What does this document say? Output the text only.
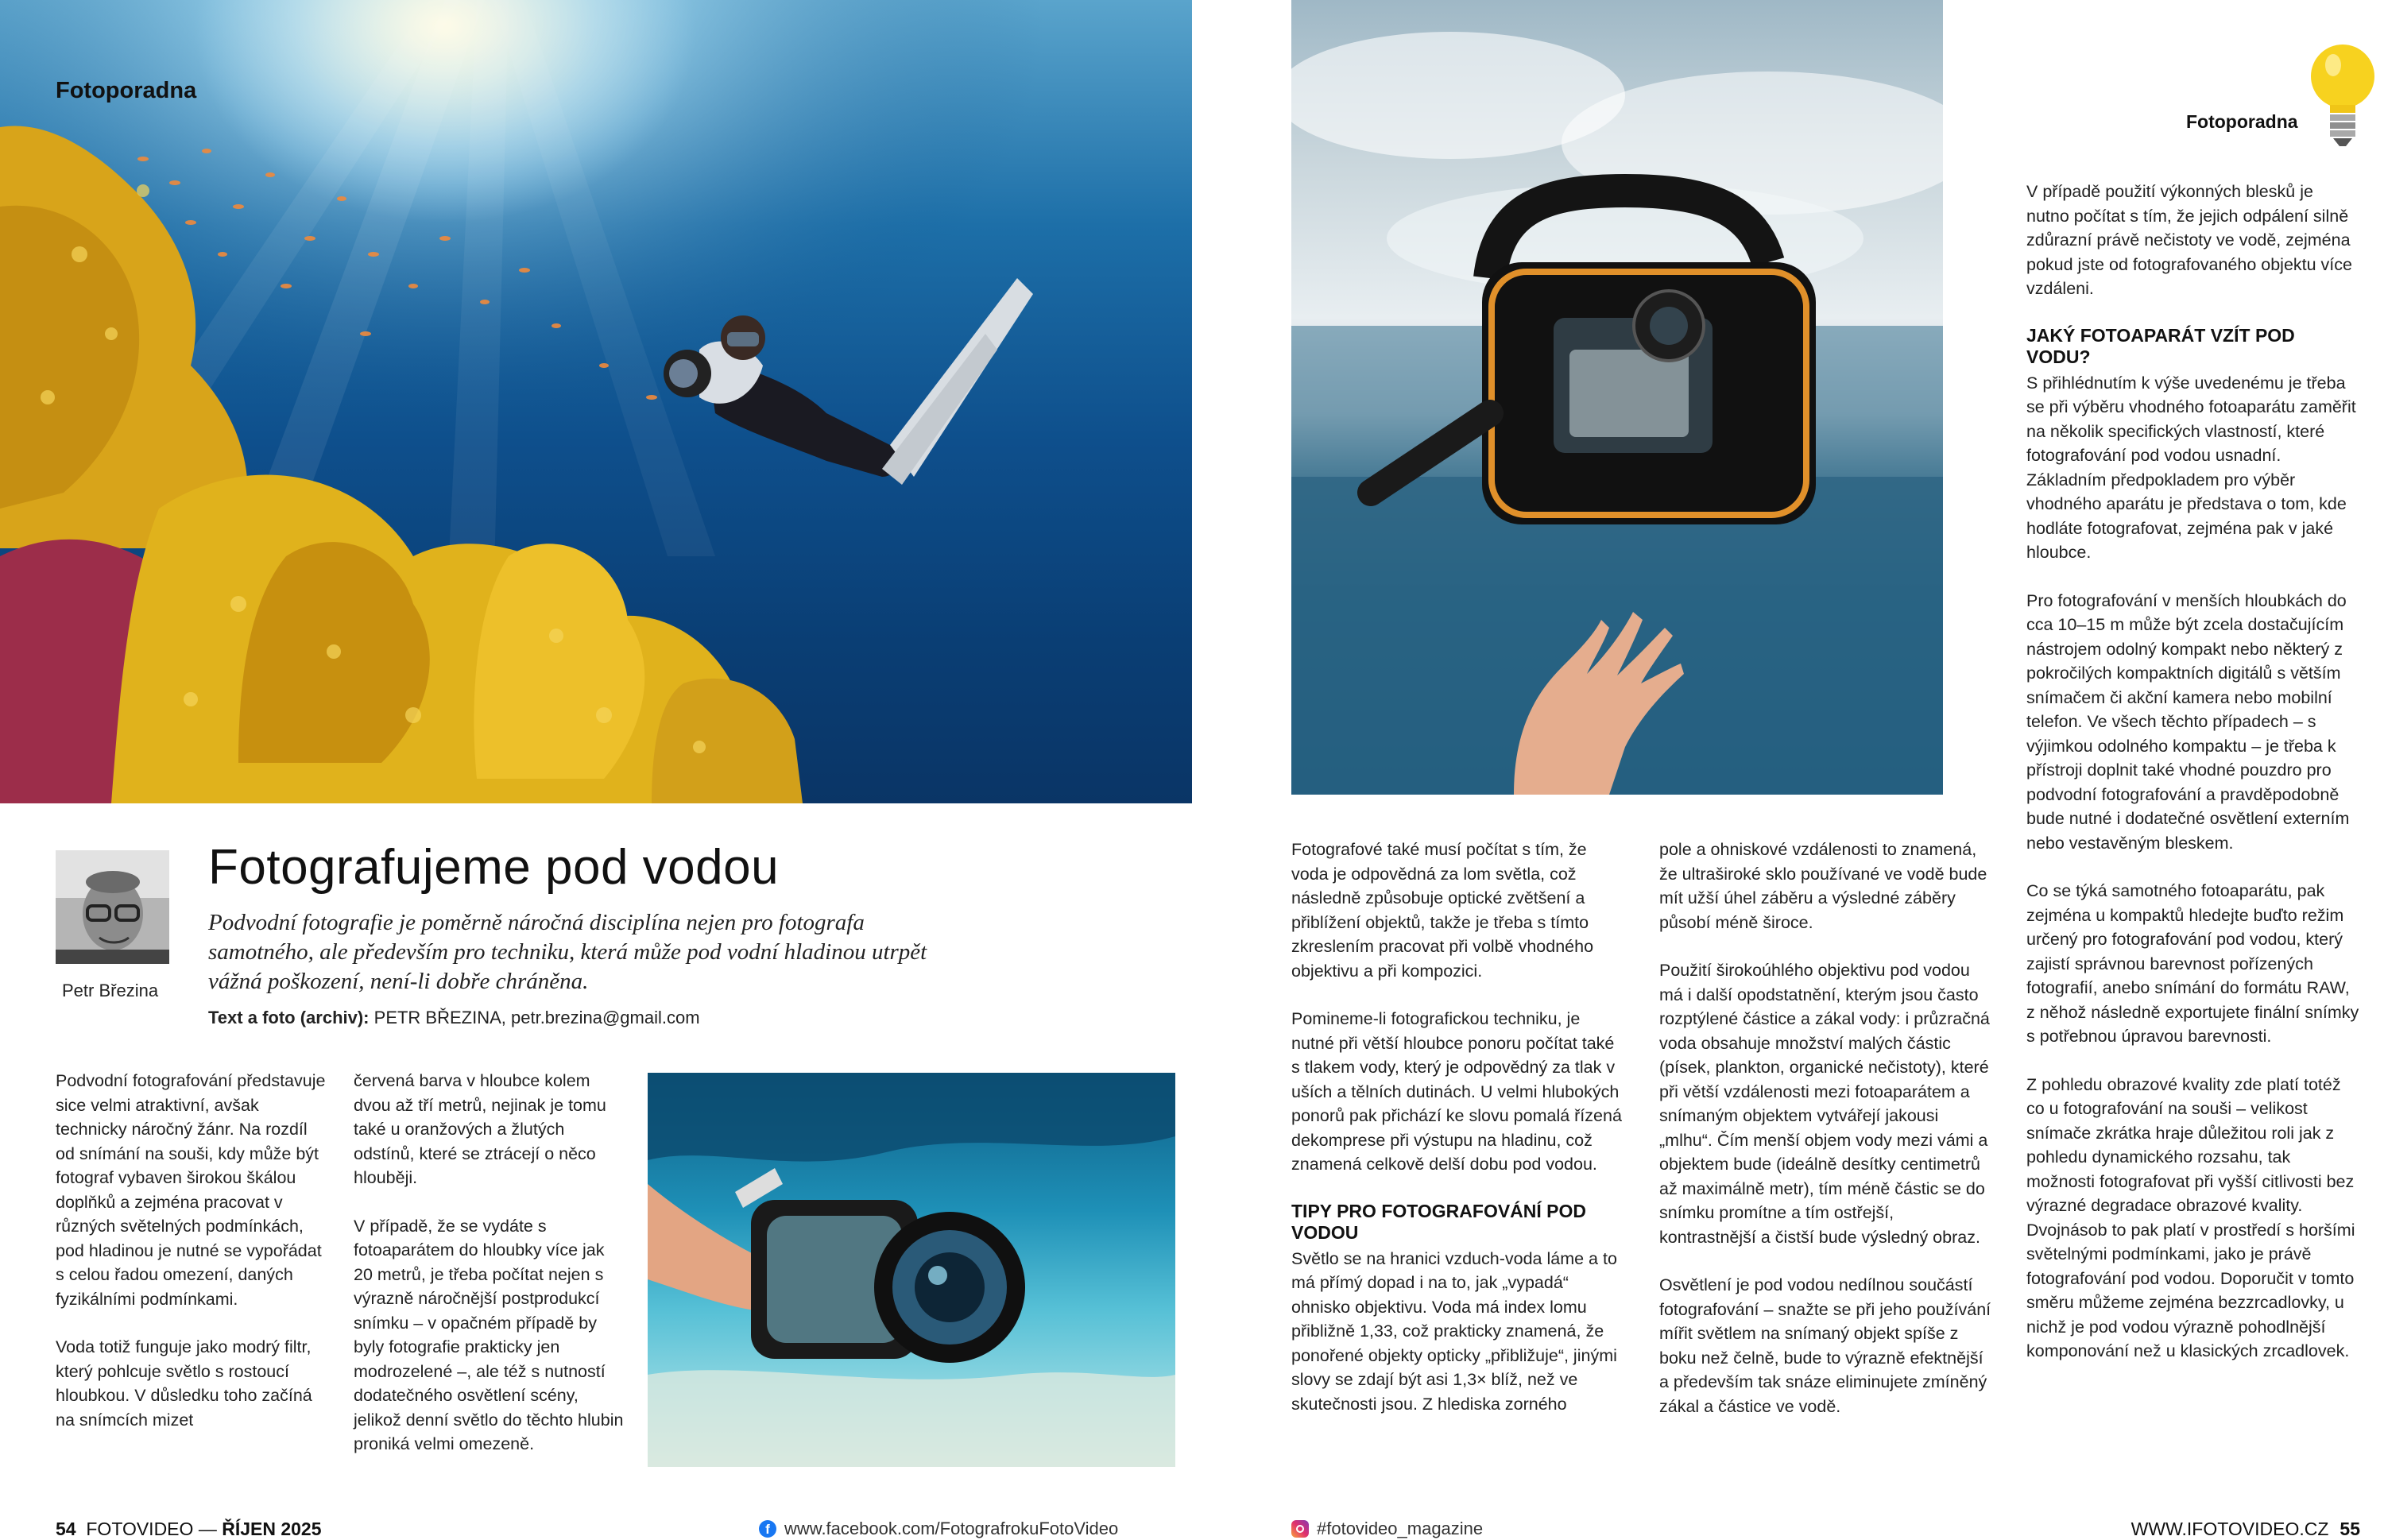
Fotoporadna
Petr Březina
Fotografujeme pod vodou
Podvodní fotografie je poměrně náročná disciplína nejen pro fotografa samotného, ale především pro techniku, která může pod vodní hladinou utrpět vážná poškození, není-li dobře chráněna.
Text a foto (archiv): PETR BŘEZINA, petr.brezina@gmail.com

Podvodní fotografování představuje sice velmi atraktivní, avšak technicky náročný žánr. Na rozdíl od snímání na souši, kdy může být fotograf vybaven širokou škálou doplňků a zejména pracovat v různých světelných podmínkách, pod hladinou je nutné se vypořádat s celou řadou omezení, daných fyzikálními podmínkami.

Voda totiž funguje jako modrý filtr, který pohlcuje světlo s rostoucí hloubkou. V důsledku toho začíná na snímcích mizet

červená barva v hloubce kolem dvou až tří metrů, nejinak je tomu také u oranžových a žlutých odstínů, které se ztrácejí o něco hlouběji.

V případě, že se vydáte s fotoaparátem do hloubky více jak 20 metrů, je třeba počítat nejen s výrazně náročnější postprodukcí snímku – v opačném případě by byly fotografie prakticky jen modrozelené –, ale též s nutností dodatečného osvětlení scény, jelikož denní světlo do těchto hlubin proniká velmi omezeně.

54 FOTOVIDEO — ŘÍJEN 2025	f www.facebook.com/FotografrokuFotoVideo
Fotoporadna

Fotografové také musí počítat s tím, že voda je odpovědná za lom světla, což následně způsobuje optické zvětšení a přiblížení objektů, takže je třeba s tímto zkreslením pracovat při volbě vhodného objektivu a při kompozici.

Pomineme-li fotografickou techniku, je nutné při větší hloubce ponoru počítat také s tlakem vody, který je odpovědný za tlak v uších a tělních dutinách. U velmi hlubokých ponorů pak přichází ke slovu pomalá řízená dekomprese při výstupu na hladinu, což znamená celkově delší dobu pod vodou.

TIPY PRO FOTOGRAFOVÁNÍ POD VODOU

Světlo se na hranici vzduch-voda láme a to má přímý dopad i na to, jak „vypadá“ ohnisko objektivu. Voda má index lomu přibližně 1,33, což prakticky znamená, že ponořené objekty opticky „přibližuje“, jinými slovy se zdají být asi 1,3× blíž, než ve skutečnosti jsou. Z hlediska zorného

pole a ohniskové vzdálenosti to znamená, že ultraširoké sklo používané ve vodě bude mít užší úhel záběru a výsledné záběry působí méně široce.

Použití širokoúhlého objektivu pod vodou má i další opodstatnění, kterým jsou často rozptýlené částice a zákal vody: i průzračná voda obsahuje množství malých částic (písek, plankton, organické nečistoty), které při větší vzdálenosti mezi fotoaparátem a snímaným objektem vytvářejí jakousi „mlhu“. Čím menší objem vody mezi vámi a objektem bude (ideálně desítky centimetrů až maximálně metr), tím méně částic se do snímku promítne a tím ostřejší, kontrastnější a čistší bude výsledný obraz.

Osvětlení je pod vodou nedílnou součástí fotografování – snažte se při jeho používání mířit světlem na snímaný objekt spíše z boku než čelně, bude to výrazně efektnější a především tak snáze eliminujete zmíněný zákal a částice ve vodě.

V případě použití výkonných blesků je nutno počítat s tím, že jejich odpálení silně zdůrazní právě nečistoty ve vodě, zejména pokud jste od fotografovaného objektu více vzdáleni.

JAKÝ FOTOAPARÁT VZÍT POD VODU?

S přihlédnutím k výše uvedenému je třeba se při výběru vhodného fotoaparátu zaměřit na několik specifických vlastností, které fotografování pod vodou usnadní. Základním předpokladem pro výběr vhodného aparátu je představa o tom, kde hodláte fotografovat, zejména pak v jaké hloubce.

Pro fotografování v menších hloubkách do cca 10–15 m může být zcela dostačujícím nástrojem odolný kompakt nebo některý z pokročilých kompaktních digitálů s větším snímačem či akční kamera nebo mobilní telefon. Ve všech těchto případech – s výjimkou odolného kompaktu – je třeba k přístroji doplnit také vhodné pouzdro pro podvodní fotografování a pravděpodobně bude nutné i dodatečné osvětlení externím nebo vestavěným bleskem.

Co se týká samotného fotoaparátu, pak zejména u kompaktů hledejte buďto režim určený pro fotografování pod vodou, který zajistí správnou barevnost pořízených fotografií, anebo snímání do formátu RAW, z něhož následně exportujete finální snímky s potřebnou úpravou barevnosti.

Z pohledu obrazové kvality zde platí totéž co u fotografování na souši – velikost snímače zkrátka hraje důležitou roli jak z pohledu dynamického rozsahu, tak možnosti fotografovat při vyšší citlivosti bez výrazné degradace obrazové kvality. Dvojnásob to pak platí v prostředí s horšími světelnými podmínkami, jako je právě fotografování pod vodou. Doporučit v tomto směru můžeme zejména bezzrcadlovky, u nichž je pod vodou výrazně pohodlnější komponování než u klasických zrcadlovek.

#fotovideo_magazine	WWW.IFOTOVIDEO.CZ 55
